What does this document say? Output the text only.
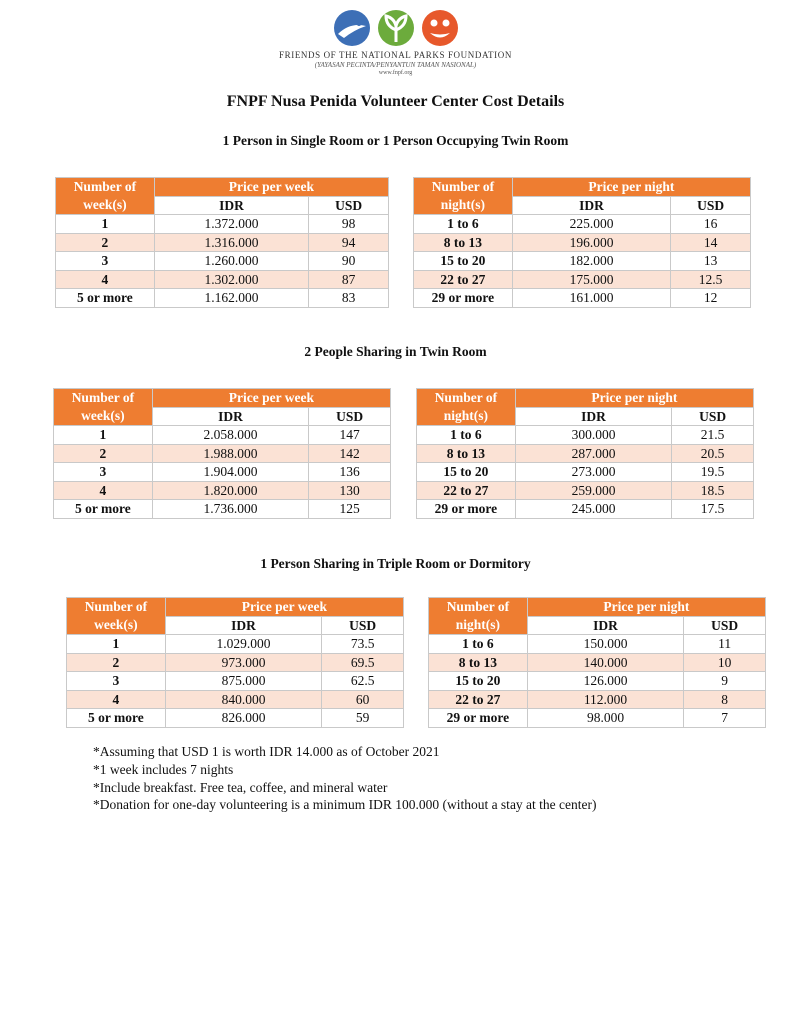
FRIENDS OF THE NATIONAL PARKS FOUNDATION
(YAYASAN PECINTA/PENYANTUN TAMAN NASIONAL)
www.fnpf.org
FNPF Nusa Penida Volunteer Center Cost Details
1 Person in Single Room or 1 Person Occupying Twin Room
Number of week(s)	Price per week	
	IDR	USD
1	1.372.000	98
2	1.316.000	94
3	1.260.000	90
4	1.302.000	87
5 or more	1.162.000	83
Number of night(s)	Price per night	
	IDR	USD
1 to 6	225.000	16
8 to 13	196.000	14
15 to 20	182.000	13
22 to 27	175.000	12.5
29 or more	161.000	12
2 People Sharing in Twin Room
Number of week(s)	Price per week	
	IDR	USD
1	2.058.000	147
2	1.988.000	142
3	1.904.000	136
4	1.820.000	130
5 or more	1.736.000	125
Number of night(s)	Price per night	
	IDR	USD
1 to 6	300.000	21.5
8 to 13	287.000	20.5
15 to 20	273.000	19.5
22 to 27	259.000	18.5
29 or more	245.000	17.5
1 Person Sharing in Triple Room or Dormitory
Number of week(s)	Price per week	
	IDR	USD
1	1.029.000	73.5
2	973.000	69.5
3	875.000	62.5
4	840.000	60
5 or more	826.000	59
Number of night(s)	Price per night	
	IDR	USD
1 to 6	150.000	11
8 to 13	140.000	10
15 to 20	126.000	9
22 to 27	112.000	8
29 or more	98.000	7
*Assuming that USD 1 is worth IDR 14.000 as of October 2021
*1 week includes 7 nights
*Include breakfast. Free tea, coffee, and mineral water
*Donation for one-day volunteering is a minimum IDR 100.000 (without a stay at the center)
